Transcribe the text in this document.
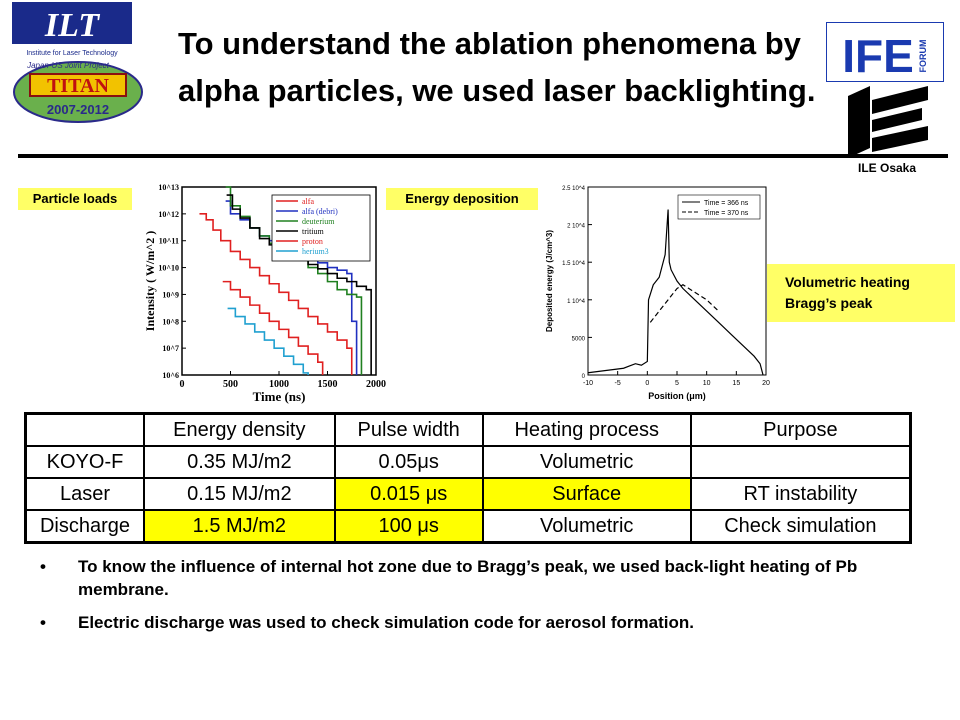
ILT
Institute for Laser Technology
Japan-US Joint Project
TITAN
2007-2012
IFE FORUM
To understand the ablation phenomena by alpha particles, we used laser backlighting.
ILE Osaka
Particle loads	Energy deposition
Volumetric heating
Bragg’s peak
0	500	1000	1500	2000
10^6
10^7
10^8
10^9
10^10
10^11
10^12
10^13
alfa
alfa (debri)
deuterium
tritium
proton
herium3
Time (ns)
Intensity ( W/m^2 )
-10	-5	0	5	10	15	20
0
5000
1 10^4
1.5 10^4
2 10^4
2.5 10^4
Time = 366 ns
Time = 370 ns
Position (μm)
Deposited energy (J/cm^3)
	Energy density	Pulse width	Heating process	Purpose
KOYO-F	0.35 MJ/m2	0.05μs	Volumetric	
Laser	0.15 MJ/m2	0.015 μs	Surface	RT instability
Discharge	1.5 MJ/m2	100 μs	Volumetric	Check simulation
• To know the influence of internal hot zone due to Bragg’s peak, we used back-light heating of Pb membrane.
• Electric discharge was used to check simulation code for aerosol formation.
